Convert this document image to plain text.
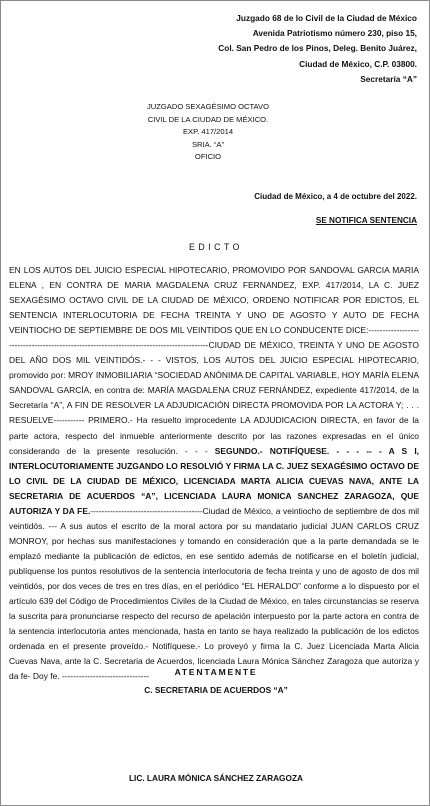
Juzgado 68 de lo Civil de la Ciudad de México
Avenida Patriotismo número 230, piso 15,
Col. San Pedro de los Pinos, Deleg. Benito Juárez,
Ciudad de México, C.P. 03800.
Secretaría “A”
JUZGADO SEXAGÉSIMO OCTAVO
CIVIL DE LA CIUDAD DE MÉXICO.
EXP. 417/2014
SRIA. “A”
OFICIO
Ciudad de México, a 4 de octubre del 2022.
SE NOTIFICA SENTENCIA
EDICTO

EN LOS AUTOS DEL JUICIO ESPECIAL HIPOTECARIO, PROMOVIDO POR SANDOVAL GARCIA MARIA ELENA , EN CONTRA DE MARIA MAGDALENA CRUZ FERNANDEZ, EXP. 417/2014, LA C. JUEZ SEXAGÉSIMO OCTAVO CIVIL DE LA CIUDAD DE MÉXICO, ORDENO NOTIFICAR POR EDICTOS, EL SENTENCIA INTERLOCUTORIA DE FECHA TREINTA Y UNO DE AGOSTO Y AUTO DE FECHA VEINTIOCHO DE SEPTIEMBRE DE DOS MIL VEINTIDOS QUE EN LO CONDUCENTE DICE:-----------------------------------------------------------------------------------------CIUDAD DE MÉXICO, TREINTA Y UNO DE AGOSTO DEL AÑO DOS MIL VEINTIDÓS.- - - VISTOS, LOS AUTOS DEL JUICIO ESPECIAL HIPOTECARIO, promovido por: MROY INMOBILIARIA “SOCIEDAD ANÓNIMA DE CAPITAL VARIABLE, HOY MARÍA ELENA SANDOVAL GARCÍA, en contra de: MARÍA MAGDALENA CRUZ FERNÁNDEZ, expediente 417/2014, de la Secretaría “A”, A FIN DE RESOLVER LA ADJUDICACIÓN DIRECTA PROMOVIDA POR LA ACTORA Y; . . . RESUELVE----------- PRIMERO.- Ha resuelto improcedente LA ADJUDICACION DIRECTA, en favor de la parte actora, respecto del inmueble anteriormente descrito por las razones expresadas en el único considerando de la presente resolución. - - - SEGUNDO.- NOTIFÍQUESE. - - - -- - A S I, INTERLOCUTORIAMENTE JUZGANDO LO RESOLVIÓ Y FIRMA LA C. JUEZ SEXAGÉSIMO OCTAVO DE LO CIVIL DE LA CIUDAD DE MÉXICO, LICENCIADA MARTA ALICIA CUEVAS NAVA, ANTE LA SECRETARIA DE ACUERDOS “A”, LICENCIADA LAURA MONICA SANCHEZ ZARAGOZA, QUE AUTORIZA Y DA FE.----------------------------------------Ciudad de México, a veintiocho de septiembre de dos mil veintidós. --- A sus autos el escrito de la moral actora por su mandatario judicial JUAN CARLOS CRUZ MONROY, por hechas sus manifestaciones y tomando en consideración que a la parte demandada se le emplazó mediante la publicación de edictos, en ese sentido además de notificarse en el boletín judicial, publíquense los puntos resolutivos de la sentencia interlocutoria de fecha treinta y uno de agosto de dos mil veintidós, por dos veces de tres en tres días, en el periódico “EL HERALDO” conforme a lo dispuesto por el artículo 639 del Código de Procedimientos Civiles de la Ciudad de México, en tales circunstancias se reserva la suscrita para pronunciarse respecto del recurso de apelación interpuesto por la parte actora en contra de la sentencia interlocutoria antes mencionada, hasta en tanto se haya realizado la publicación de los edictos ordenada en el presente proveído.- Notifíquese.- Lo proveyó y firma la C. Juez Licenciada Marta Alicia Cuevas Nava, ante la C. Secretaria de Acuerdos, licenciada Laura Mónica Sánchez Zaragoza que autoriza y da fe- Doy fe. -------------------------------	ATENTAMENTE
C. SECRETARIA DE ACUERDOS “A”
LIC. LAURA MÓNICA SÁNCHEZ ZARAGOZA
